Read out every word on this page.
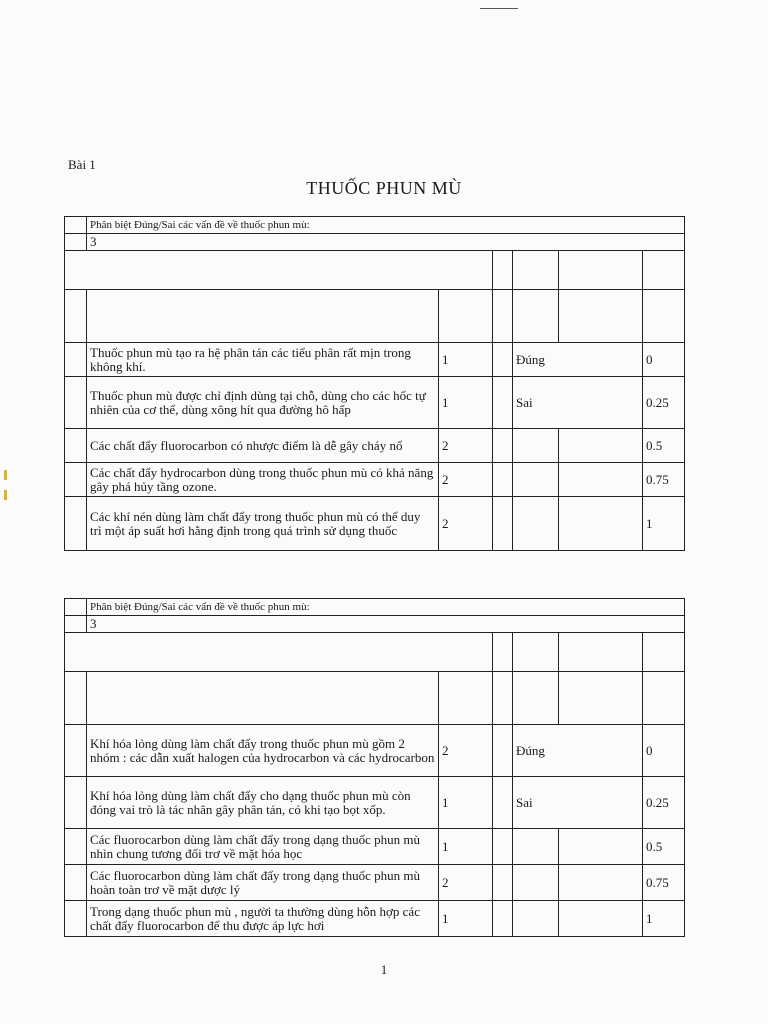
Bài 1
THUỐC PHUN MÙ
	Phân biệt Đúng/Sai các vấn đề về thuốc phun mù:					
	3					

	Thuốc phun mù tạo ra hệ phân tán các tiểu phân rất mịn trong không khí.	1		Đúng		0
	Thuốc phun mù được chỉ định dùng tại chỗ, dùng cho các hốc tự nhiên của cơ thể, dùng xông hít qua đường hô hấp	1		Sai		0.25
	Các chất đẩy fluorocarbon có nhược điểm là dễ gây cháy nổ	2				0.5
	Các chất đẩy hydrocarbon dùng trong thuốc phun mù có khả năng gây phá hủy tầng ozone.	2				0.75
	Các khí nén dùng làm chất đẩy trong thuốc phun mù có thể duy trì một áp suất hơi hằng định trong quá trình sử dụng thuốc	2				1
	Phân biệt Đúng/Sai các vấn đề về thuốc phun mù:					
	3					

	Khí hóa lỏng dùng làm chất đẩy trong thuốc phun mù gồm 2 nhóm : các dẫn xuất halogen của hydrocarbon và các hydrocarbon	2		Đúng		0
	Khí hóa lỏng dùng làm chất đẩy cho dạng thuốc phun mù còn đóng vai trò là tác nhân gây phân tán, có khi tạo bọt xốp.	1		Sai		0.25
	Các fluorocarbon dùng làm chất đẩy trong dạng thuốc phun mù nhìn chung tương đối trơ về mặt hóa học	1				0.5
	Các fluorocarbon dùng làm chất đẩy trong dạng thuốc phun mù hoàn toàn trơ về mặt dược lý	2				0.75
	Trong dạng thuốc phun mù , người ta thường dùng hỗn hợp các chất đẩy fluorocarbon để thu được áp lực hơi	1				1
1
